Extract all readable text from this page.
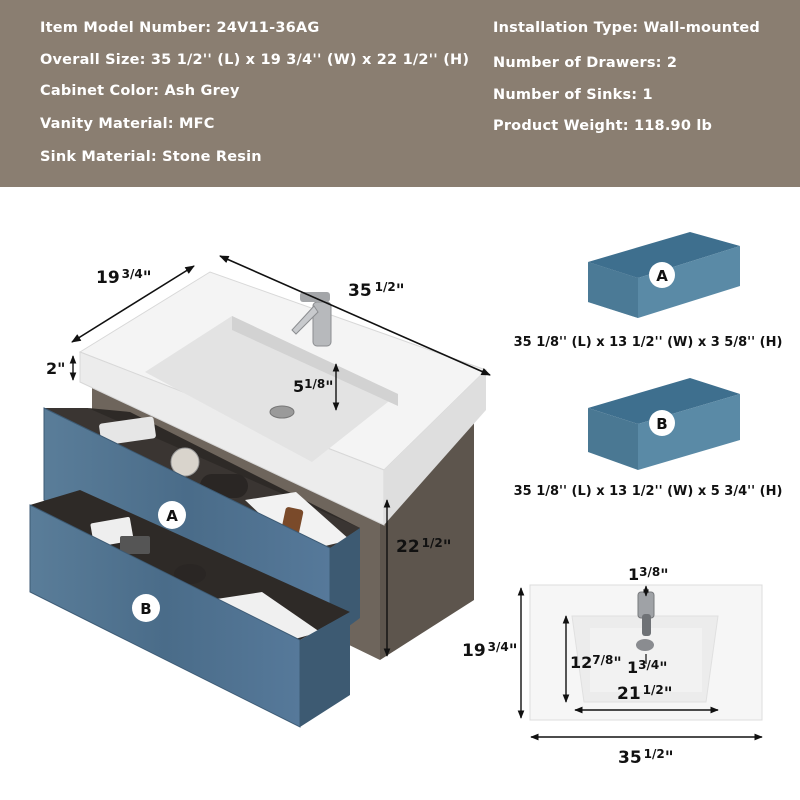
Item Model Number: 24V11-36AG
Overall Size: 35 1/2'' (L) x 19 3/4'' (W) x 22 1/2'' (H)
Cabinet Color: Ash Grey
Vanity Material: MFC
Sink Material: Stone Resin
Installation Type: Wall-mounted
Number of Drawers: 2
Number of Sinks: 1
Product Weight: 118.90 lb
A
B
19 $^{3/4}$"
35 $^{1/2}$"
2"
$5^{1/8}$"
22 $^{1/2}$"
A
35 1/8'' (L) x 13 1/2'' (W) x 3 5/8'' (H)
B
35 1/8'' (L) x 13 1/2'' (W) x 5 3/4'' (H)
$1^{3/8}$"
19 $^{3/4}$"
$12^{7/8}$" $1^{3/4}$"
21 $^{1/2}$"
35 $^{1/2}$"
